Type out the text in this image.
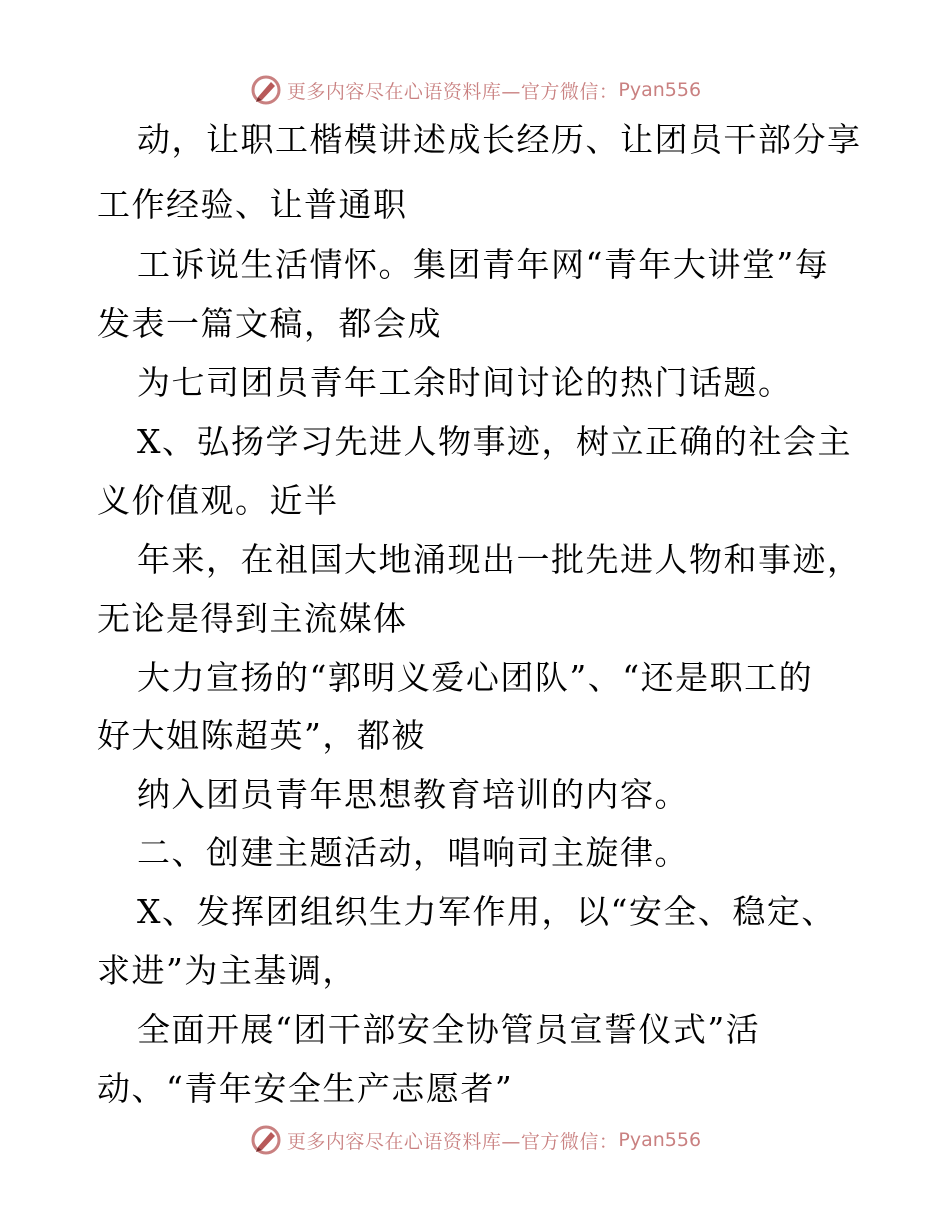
更多内容尽在心语资料库—官方微信： Pyan556
动，让职工楷模讲述成长经历、让团员干部分享
工作经验、让普通职
工诉说生活情怀。集团青年网“青年大讲堂”每
发表一篇文稿，都会成
为七司团员青年工余时间讨论的热门话题。
X、弘扬学习先进人物事迹，树立正确的社会主
义价值观。近半
年来，在祖国大地涌现出一批先进人物和事迹，
无论是得到主流媒体
大力宣扬的“郭明义爱心团队”、“还是职工的
好大姐陈超英”，都被
纳入团员青年思想教育培训的内容。
二、创建主题活动，唱响司主旋律。
X、发挥团组织生力军作用，以“安全、稳定、
求进”为主基调，
全面开展“团干部安全协管员宣誓仪式”活
动、“青年安全生产志愿者”
更多内容尽在心语资料库—官方微信： Pyan556
